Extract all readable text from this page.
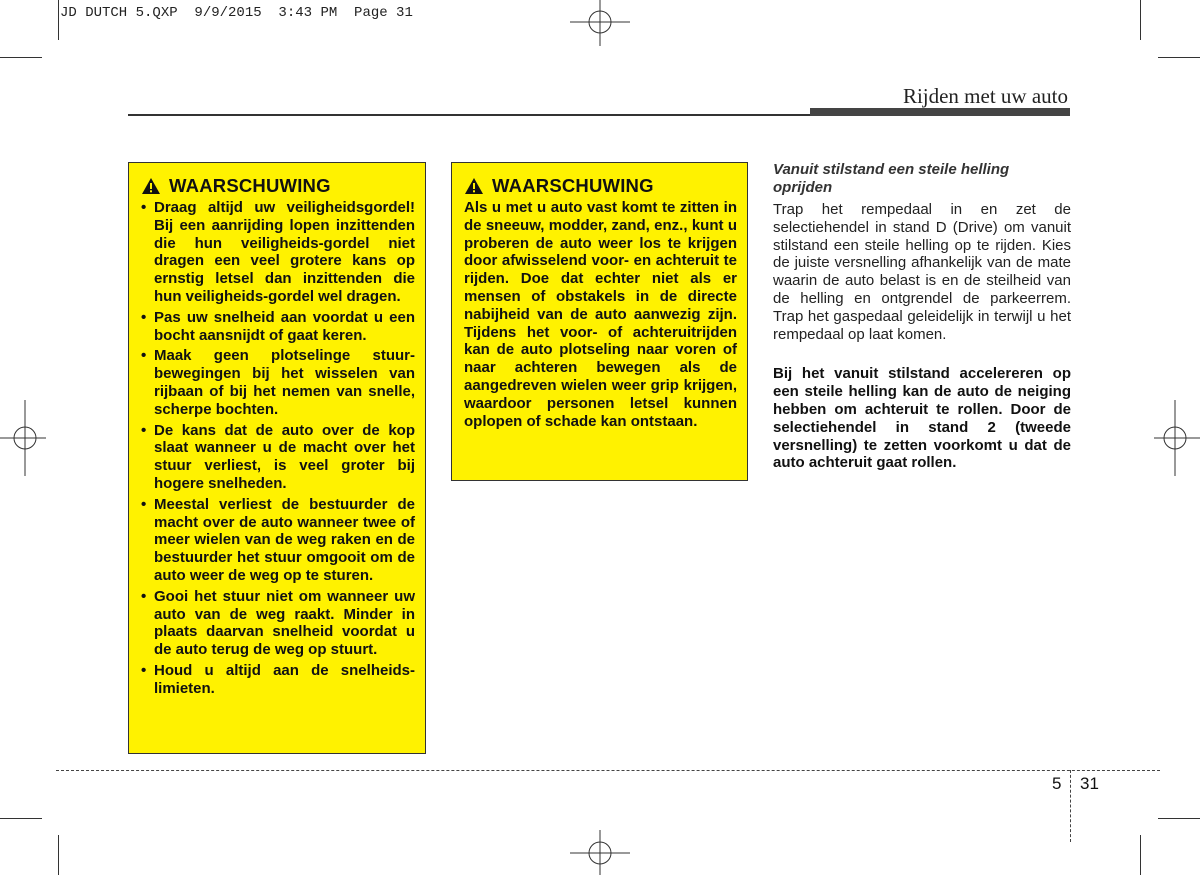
JD DUTCH 5.QXP  9/9/2015  3:43 PM  Page 31
Rijden met uw auto
WAARSCHUWING
• Draag altijd uw veiligheidsgordel! Bij een aanrijding lopen inzittenden die hun veiligheids-gordel niet dragen een veel grotere kans op ernstig letsel dan inzittenden die hun veiligheids-gordel wel dragen.
• Pas uw snelheid aan voordat u een bocht aansnijdt of gaat keren.
• Maak geen plotselinge stuur-bewegingen bij het wisselen van rijbaan of bij het nemen van snelle, scherpe bochten.
• De kans dat de auto over de kop slaat wanneer u de macht over het stuur verliest, is veel groter bij hogere snelheden.
• Meestal verliest de bestuurder de macht over de auto wanneer twee of meer wielen van de weg raken en de bestuurder het stuur omgooit om de auto weer de weg op te sturen.
• Gooi het stuur niet om wanneer uw auto van de weg raakt. Minder in plaats daarvan snelheid voordat u de auto terug de weg op stuurt.
• Houd u altijd aan de snelheids-limieten.
WAARSCHUWING

Als u met u auto vast komt te zitten in de sneeuw, modder, zand, enz., kunt u proberen de auto weer los te krijgen door afwisselend voor- en achteruit te rijden. Doe dat echter niet als er mensen of obstakels in de directe nabijheid van de auto aanwezig zijn. Tijdens het voor- of achteruitrijden kan de auto plotseling naar voren of naar achteren bewegen als de aangedreven wielen weer grip krijgen, waardoor personen letsel kunnen oplopen of schade kan ontstaan.

Vanuit stilstand een steile helling oprijden

Trap het rempedaal in en zet de selectiehendel in stand D (Drive) om vanuit stilstand een steile helling op te rijden. Kies de juiste versnelling afhankelijk van de mate waarin de auto belast is en de steilheid van de helling en ontgrendel de parkeerrem. Trap het gaspedaal geleidelijk in terwijl u het rempedaal op laat komen.

Bij het vanuit stilstand accelereren op een steile helling kan de auto de neiging hebben om achteruit te rollen. Door de selectiehendel in stand 2 (tweede versnelling) te zetten voorkomt u dat de auto achteruit gaat rollen.

5 31
